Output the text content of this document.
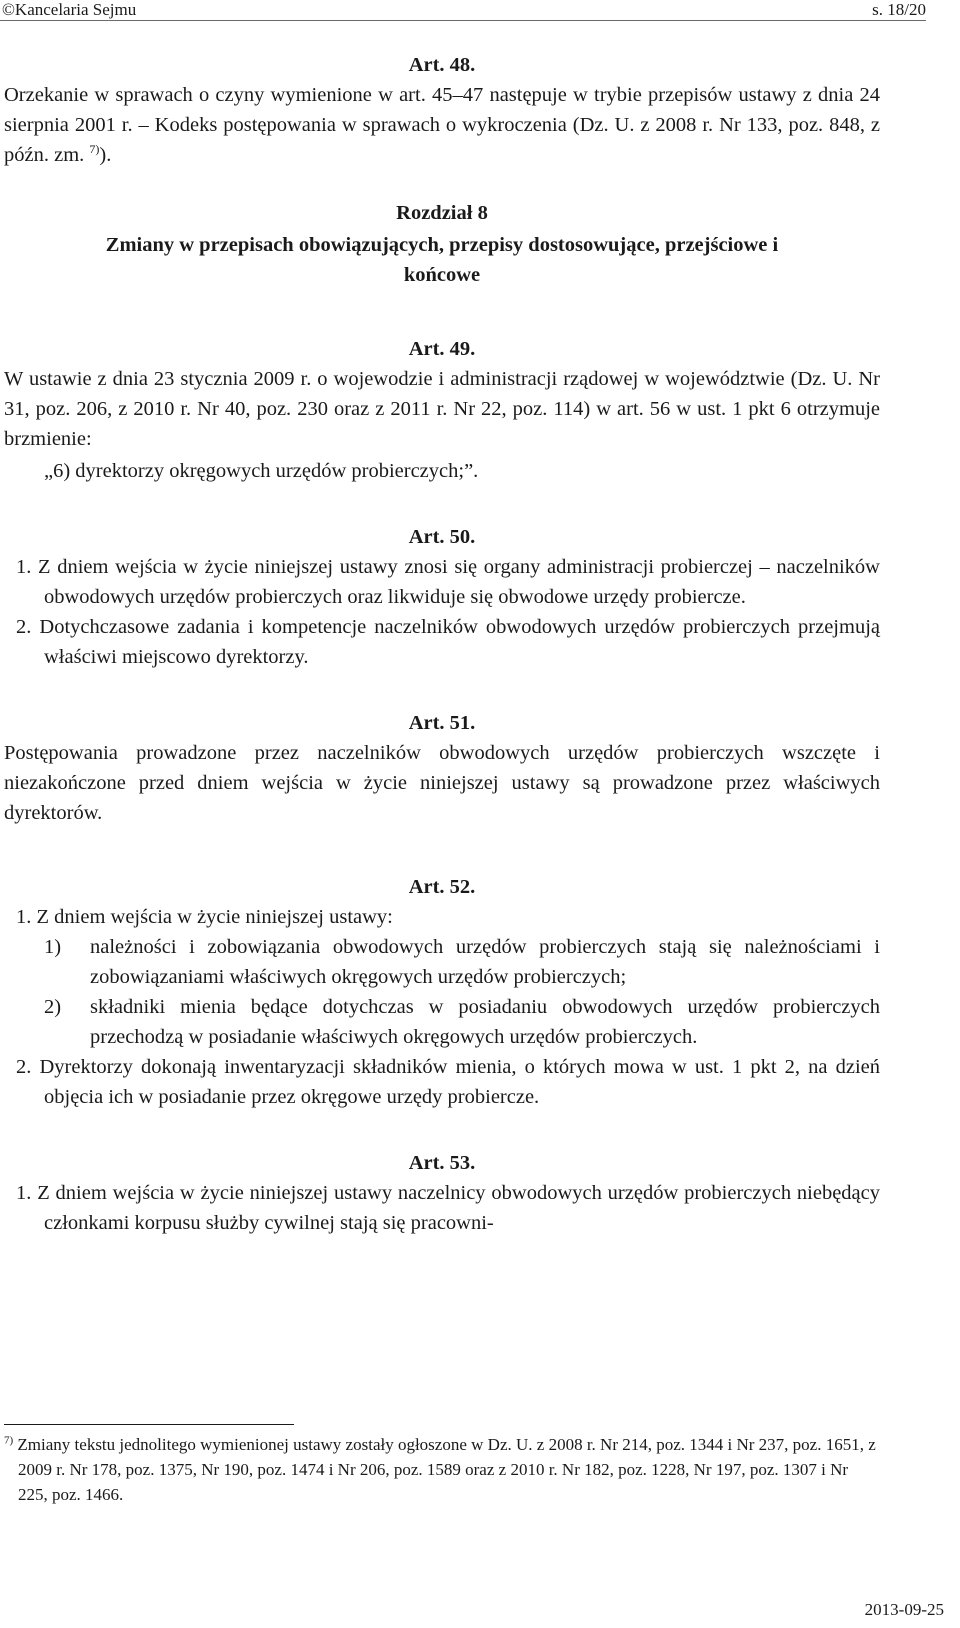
©Kancelaria Sejmu	s. 18/20
Art. 48.
Orzekanie w sprawach o czyny wymienione w art. 45–47 następuje w trybie przepisów ustawy z dnia 24 sierpnia 2001 r. – Kodeks postępowania w sprawach o wykroczenia (Dz. U. z 2008 r. Nr 133, poz. 848, z późn. zm. $^{7)}$).
Rozdział 8
Zmiany w przepisach obowiązujących, przepisy dostosowujące, przejściowe i końcowe
Art. 49.
W ustawie z dnia 23 stycznia 2009 r. o wojewodzie i administracji rządowej w województwie (Dz. U. Nr 31, poz. 206, z 2010 r. Nr 40, poz. 230 oraz z 2011 r. Nr 22, poz. 114) w art. 56 w ust. 1 pkt 6 otrzymuje brzmienie:
„6) dyrektorzy okręgowych urzędów probierczych;”.
Art. 50.
1. Z dniem wejścia w życie niniejszej ustawy znosi się organy administracji probierczej – naczelników obwodowych urzędów probierczych oraz likwiduje się obwodowe urzędy probiercze.
2. Dotychczasowe zadania i kompetencje naczelników obwodowych urzędów probierczych przejmują właściwi miejscowo dyrektorzy.
Art. 51.
Postępowania prowadzone przez naczelników obwodowych urzędów probierczych wszczęte i niezakończone przed dniem wejścia w życie niniejszej ustawy są prowadzone przez właściwych dyrektorów.
Art. 52.
1. Z dniem wejścia w życie niniejszej ustawy:
1)	należności i zobowiązania obwodowych urzędów probierczych stają się należnościami i zobowiązaniami właściwych okręgowych urzędów probierczych;
2)	składniki mienia będące dotychczas w posiadaniu obwodowych urzędów probierczych przechodzą w posiadanie właściwych okręgowych urzędów probierczych.
2. Dyrektorzy dokonają inwentaryzacji składników mienia, o których mowa w ust. 1 pkt 2, na dzień objęcia ich w posiadanie przez okręgowe urzędy probiercze.
Art. 53.
1. Z dniem wejścia w życie niniejszej ustawy naczelnicy obwodowych urzędów probierczych niebędący członkami korpusu służby cywilnej stają się pracowni-
$^{7)}$ Zmiany tekstu jednolitego wymienionej ustawy zostały ogłoszone w Dz. U. z 2008 r. Nr 214, poz. 1344 i Nr 237, poz. 1651, z 2009 r. Nr 178, poz. 1375, Nr 190, poz. 1474 i Nr 206, poz. 1589 oraz z 2010 r. Nr 182, poz. 1228, Nr 197, poz. 1307 i Nr 225, poz. 1466.
2013-09-25
